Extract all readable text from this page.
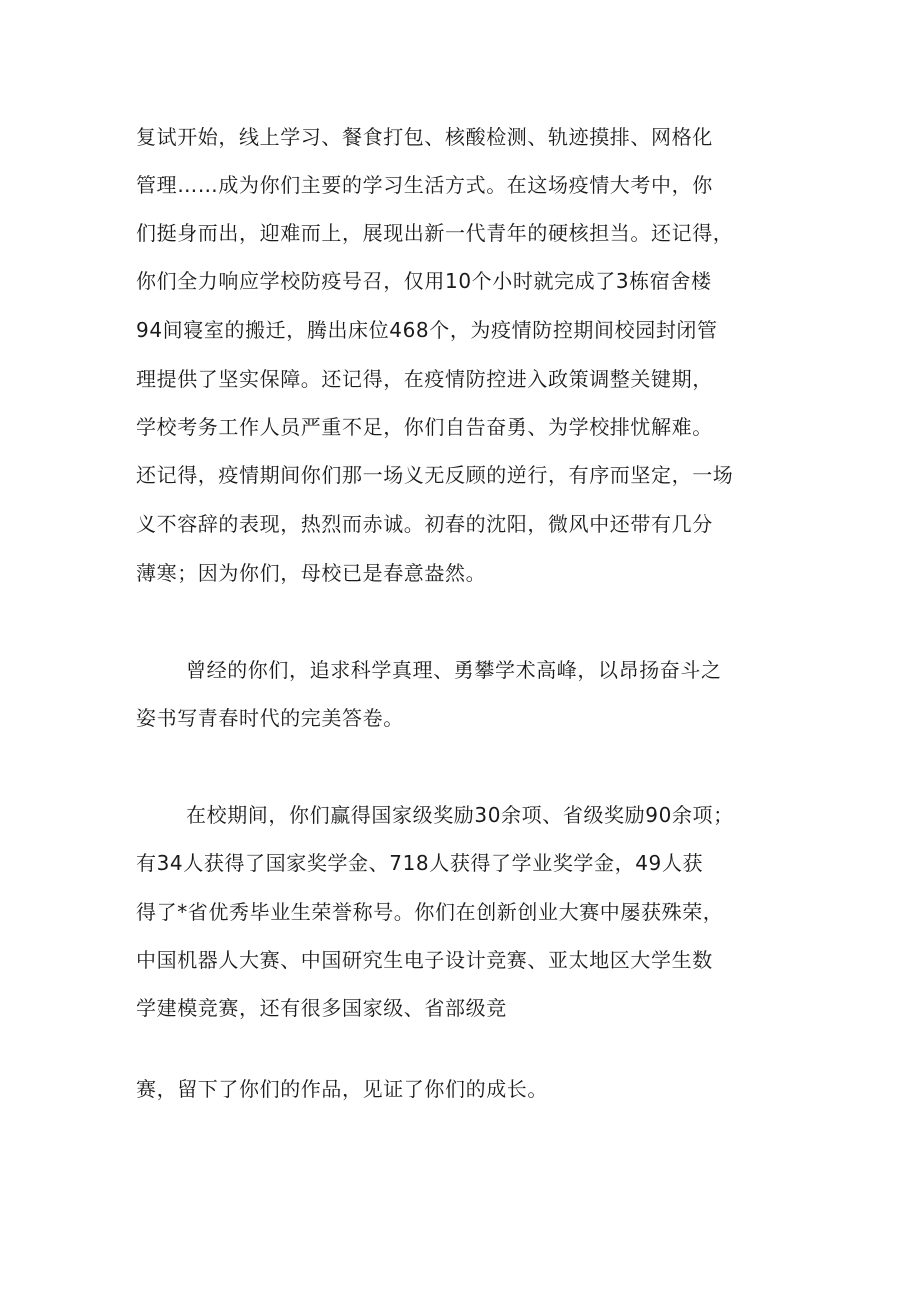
复试开始，线上学习、餐食打包、核酸检测、轨迹摸排、网格化
管理……成为你们主要的学习生活方式。在这场疫情大考中，你
们挺身而出，迎难而上，展现出新一代青年的硬核担当。还记得，
你们全力响应学校防疫号召，仅用10个小时就完成了3栋宿舍楼
94间寝室的搬迁，腾出床位468个，为疫情防控期间校园封闭管
理提供了坚实保障。还记得，在疫情防控进入政策调整关键期，
学校考务工作人员严重不足，你们自告奋勇、为学校排忧解难。
还记得，疫情期间你们那一场义无反顾的逆行，有序而坚定，一场
义不容辞的表现，热烈而赤诚。初春的沈阳，微风中还带有几分
薄寒；因为你们，母校已是春意盎然。
曾经的你们，追求科学真理、勇攀学术高峰，以昂扬奋斗之
姿书写青春时代的完美答卷。
在校期间，你们赢得国家级奖励30余项、省级奖励90余项；
有34人获得了国家奖学金、718人获得了学业奖学金，49人获
得了*省优秀毕业生荣誉称号。你们在创新创业大赛中屡获殊荣，
中国机器人大赛、中国研究生电子设计竞赛、亚太地区大学生数
学建模竞赛，还有很多国家级、省部级竞
赛，留下了你们的作品，见证了你们的成长。
